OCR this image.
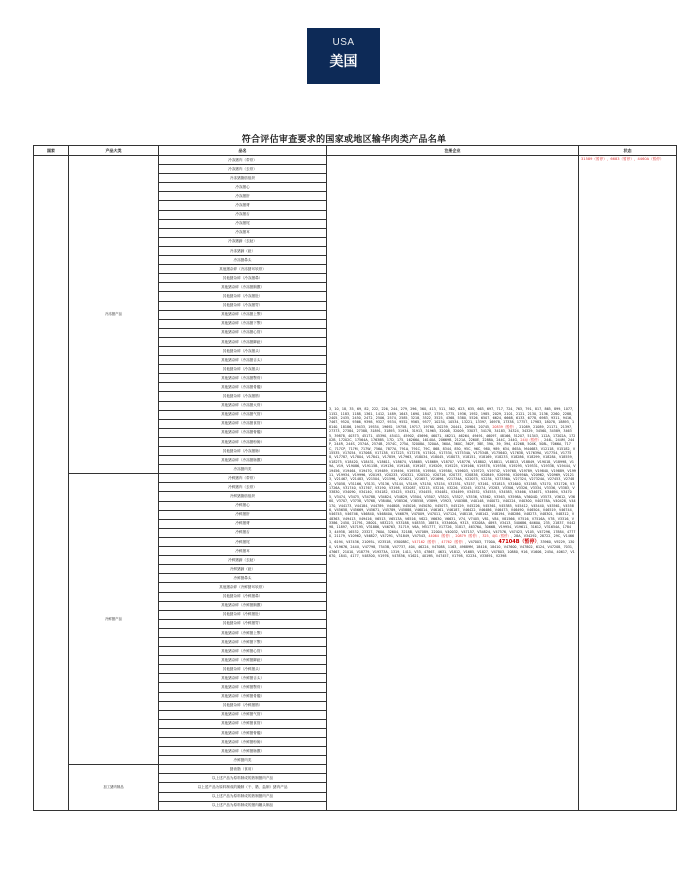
USA
美国
符合评估审查要求的国家或地区输华肉类产品名单
国家	产品大类	品名	注册企业	状态
	冷冻猪产品	冷冻猪肉（带骨）	3、10、18、35、69、82、222、226、244、279、296、360、413、511、562、623、635、663、697、717、724、763、791、817、865、899、1077、1152、1183、1188、1361、1412、1489、1643、1690、1847、1759、1775、1936、1952、1985、2029、2101、2121、2130、2136、2260、2288、2405、2435、2450、2472、2506、2574、2585、3218、3522、3525、4368、5380、5526、6507、6624、6668、6133、6778、6983、9311、9416、7467、9520、9366、9398、9327、9534、9552、9565、9577、10234、10534、13221、13397、16978、17338、17757、17983、18078、18893、18140、18186、19433、19534、19692、19758、19717、19760、20239、20441、20984、20745、20839（暂停）、21089、21089、21171、21397、27373、27384、27388、31891、31893、31934、31913、31965、32008、32009、33037、34178、34183、34324、34329、34560、34589、34635、39878、40373、45171、45390、45411、45902、45696、46071、46211、46264、49491、46097、48166、51207、51343、112A、17202A、17202B、17202C、17564A、17638B、17D、175、16266A、16140A、20669B、2121A、2260E、2288A、244C、244G、244J（暂停）、244L、244M、244P、244R、244S、2574A、2574B、2574C、275A、32008A、320AA、360A、360C、362F、38E、39A、39、394、4226B、504K、508L、7066A、717C、717CP、717M、717W、756A、7877A、791A、791C、79C、868、8344、850、95C、96C、980、989、634、865A、M44683、V12118、V15182、V15535、V17054、V17068、V17138、V17223、V17278、V17401、V17534、V17534A、V17534B、V17564D、V17638、V17639A、V17754、V17758、V17787、V17804、V17841、V17859、V17963、V18034、V18045、V18073、V18151、V18169、V18233、V18286、V18299、V18284、V18559、V18275、V18420、V18431、V18611、V18674、V18685、V18689、V18707、V18776、V18802、V18811、V18813、V18849、V19018、V18998、V19A、V19、V19086、V19115B、V19136、V19148、V19167、V19209、V19225、V19166、V19378、V19356、V19295、V19331、V19338、V19444、V19456、V19464、V19470、V19489、V19494、V19558、V19564、V19584、V19603、V19723、V19742、V19768、V19789、V19840、V19889、V19911、V19934、V19996、V20193、V20233、V20321、V20520、V20716、V20737、V20838、V20849、V20956、V20956A、V20962、V20969、V21213、V21467、V21483、V21504、V21596、V21621、V21657、V21696、V21734A、V22075、V2234、V27336A、V27324、V27324A、V27453、V27482、V3058、V31166、V3131、V3136、V3144、V3149、V3150、V3154、V31551、V3157、V3161、V31815、V31640、V31585、V3170、V31726、V31726A、V31740、V31767、V3190、V3198、V32087、V3215、V3216、V3226、V3245、V3274、V3283、V3306、V3326、V3334、V3336、V3383、V33830、V34090、V34140、V34182、V3425、V3431、V34455、V34481、V34499、V34552、V34555、V34583、V3466、V34671、V34694、V34705、V3474、V3475、V34788、V34824、V34829、V3504、V3507、V3521、V3527、V3536、V3562、V3563、V3598A、V3604D、V3573、V3612、V3660、V3707、V3738、V3768、V3848A、V38526、V38558、V3899、V3923、V4038B、V40148、V40072、V40224、V40300、V40378A、V40428、V44170、V44173、V44184、V44789、V44808、V45016、V45030、V45073、V45129、V45226、V45361、V45385、V45412、V45440、V45561、V45586、V45658、V45669、V45671、V45789、V45888、V46014、V46161、V46187、V46422、V46486、V46473、V46490、V46504、V46519、V46744、V46745、V46746、V46840、V46840A、V46879、V47009、V47011、V47124、V48118、V48142、V48194、V48286、V48273、V48301、V48312、V48363、V49413、V49416、V6513、V6513A、V6516、V622、V6630、V6631、V74、V7405、V81、V84、V81566、V7516、V7516A、V78、V3316、V3386、2450、21791、28001、V83223、V33188、V48335、18874、V33460A、9313、V3208A、4893、V3413、340686、6460A、235、21837、V44298、11897、V47195、V31886、V46763、31719、V6A、M51777、V17726、31817、46376A、3066B、V19954、V19611、31612、V31654A、17843、44938、16532、23327、760A、32604、3218B、V47089、22004、V40032、V47157、V34824、V47576、V47423、V105、V47296、17884、47770、21179、V10962、V46827、V47291、V31849、V47543、44064（暂停）、20879（暂停）、325、4JG（暂停）、28A、V34292、28722、29C、V14661、6194、V47436、21095L、V23518、V30088C、V47162（暂停）、47762（暂停）、V47003、7700A、47104B（暂停）、33960、V9229、1300、V19676、244U、V47798、7543B、V47737、404、46224、V47088、1163、49889M、18416、18410、V47600、V47802、6124、V47208、7031、47667、21010、V18779、V19373A、1319、1411、V53、47867、4631、V1812、V1685、V1827、V47803、10880、916、V1606、245A、40617、V1670、1841、4177、V48300、V1976、V47836、V1621、4019B、V47457、V1798、V2234、V33891、V2398	31589（暂停），6683（暂停），4460A（暂停）
		冷冻猪肉（去骨）		
		冷冻猪脂肪组织		
		冷冻猪心		
		冷冻猪肝		
		冷冻猪肾		
		冷冻猪舌		
		冷冻猪尾		
		冷冻猪耳		
		冷冻猪蹄（去趾）		
		冷冻猪蹄（趾）		
		冷冻猪鼻头		
		其他猪杂碎（冷冻猪耳软骨）		
		其他猪杂碎（冷冻猪鼻）		
		其他猪杂碎（冷冻猪胸膜）		
		其他猪杂碎（冷冻猪肚）		
		其他猪杂碎（冷冻猪胃）		
		其他猪杂碎（冷冻猪上颚）		
		其他猪杂碎（冷冻猪下颚）		
		其他猪杂碎（冷冻猪心管）		
		其他猪杂碎（冷冻猪脚趾）		
		其他猪杂碎（冷冻猪头）		
		其他猪杂碎（冷冻猪舌头）		
		其他猪杂碎（冷冻猪头）		
		其他猪杂碎（冷冻猪颚骨）		
		其他猪杂碎（冷冻猪骨髓）		
		其他猪杂碎（冷冻猪筋）		
		其他猪杂碎（冷冻猪大骨）		
		其他猪杂碎（冷冻猪气管）		
		其他猪杂碎（冷冻猪食管）		
		其他猪杂碎（冷冻猪脊髓）		
		其他猪杂碎（冷冻猪粉肠）		
		其他猪杂碎（冷冻猪肠）		
		其他猪杂碎（冷冻猪肠膜）		
		冷冻猪肉类		
	冷鲜猪产品	冷鲜猪肉（带骨）		
		冷鲜猪肉（去骨）		
		冷鲜猪脂肪组织		
		冷鲜猪心		
		冷鲜猪肝		
		冷鲜猪肾		
		冷鲜猪舌		
		冷鲜猪尾		
		冷鲜猪耳		
		冷鲜猪蹄（去趾）		
		冷鲜猪蹄（趾）		
		冷鲜猪鼻头		
		其他猪杂碎（冷鲜猪耳软骨）		
		其他猪杂碎（冷鲜猪鼻）		
		其他猪杂碎（冷鲜猪胸膜）		
		其他猪杂碎（冷鲜猪肚）		
		其他猪杂碎（冷鲜猪胃）		
		其他猪杂碎（冷鲜猪上颚）		
		其他猪杂碎（冷鲜猪下颚）		
		其他猪杂碎（冷鲜猪心管）		
		其他猪杂碎（冷鲜猪脚趾）		
		其他猪杂碎（冷鲜猪头）		
		其他猪杂碎（冷鲜猪舌头）		
		其他猪杂碎（冷鲜猪颚骨）		
		其他猪杂碎（冷鲜猪骨髓）		
		其他猪杂碎（冷鲜猪筋）		
		其他猪杂碎（冷鲜猪气管）		
		其他猪杂碎（冷鲜猪食管）		
		其他猪杂碎（冷鲜猪脊髓）		
		其他猪杂碎（冷鲜猪粉肠）		
		其他猪杂碎（冷鲜猪肠膜）		
		冷鲜猪肉类		
	加工猪肉制品	猪油脂（食用）		
		以上述产品为原料制成的熟制猪肉产品		
		以上述产品为原料制成的腌制（干、腊、盐制）猪肉产品		
		以上述产品为原料制成的熟制猪肉产品		
		以上述产品为原料制成的猪肉罐头制品		
